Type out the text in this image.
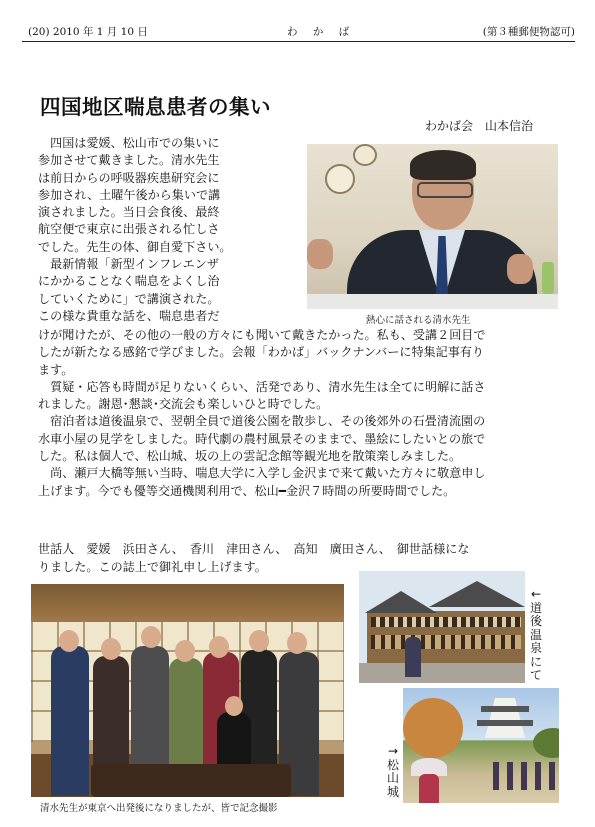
(20) 2010 年 1 月 10 日	わ か ば	(第３種郵便物認可)
四国地区喘息患者の集い
わかば会　山本信治
　四国は愛媛、松山市での集いに
参加させて戴きました。清水先生
は前日からの呼吸器疾患研究会に
参加され、土曜午後から集いで講
演されました。当日会食後、最終
航空便で東京に出張される忙しさ
でした。先生の体、御自愛下さい。
　最新情報「新型インフレエンザ
にかかることなく喘息をよくし治
していくために」で講演された。
この様な貴重な話を、喘息患者だ	熱心に話される清水先生
けが聞けたが、その他の一般の方々にも聞いて戴きたかった。私も、受講２回目で
したが新たなる感銘で学びました。会報「わかば」バックナンバーに特集記事有り
ます。
　質疑・応答も時間が足りないくらい、活発であり、清水先生は全てに明解に話さ
れました。謝恩･懇談･交流会も楽しいひと時でした。
　宿泊者は道後温泉で、翌朝全員で道後公園を散歩し、その後郊外の石畳清流園の
水車小屋の見学をしました。時代劇の農村風景そのままで、墨絵にしたいとの旅で
した。私は個人で、松山城、坂の上の雲記念館等観光地を散策楽しみました。
　尚、瀬戸大橋等無い当時、喘息大学に入学し金沢まで来て戴いた方々に敬意申し
上げます。今でも優等交通機関利用で、松山━金沢７時間の所要時間でした。
世話人　愛媛　浜田さん、　香川　津田さん、　高知　廣田さん、　御世話様にな
りました。この誌上で御礼申し上げます。
清水先生が東京へ出発後になりましたが、皆で記念撮影
←道後温泉にて
→松山城
